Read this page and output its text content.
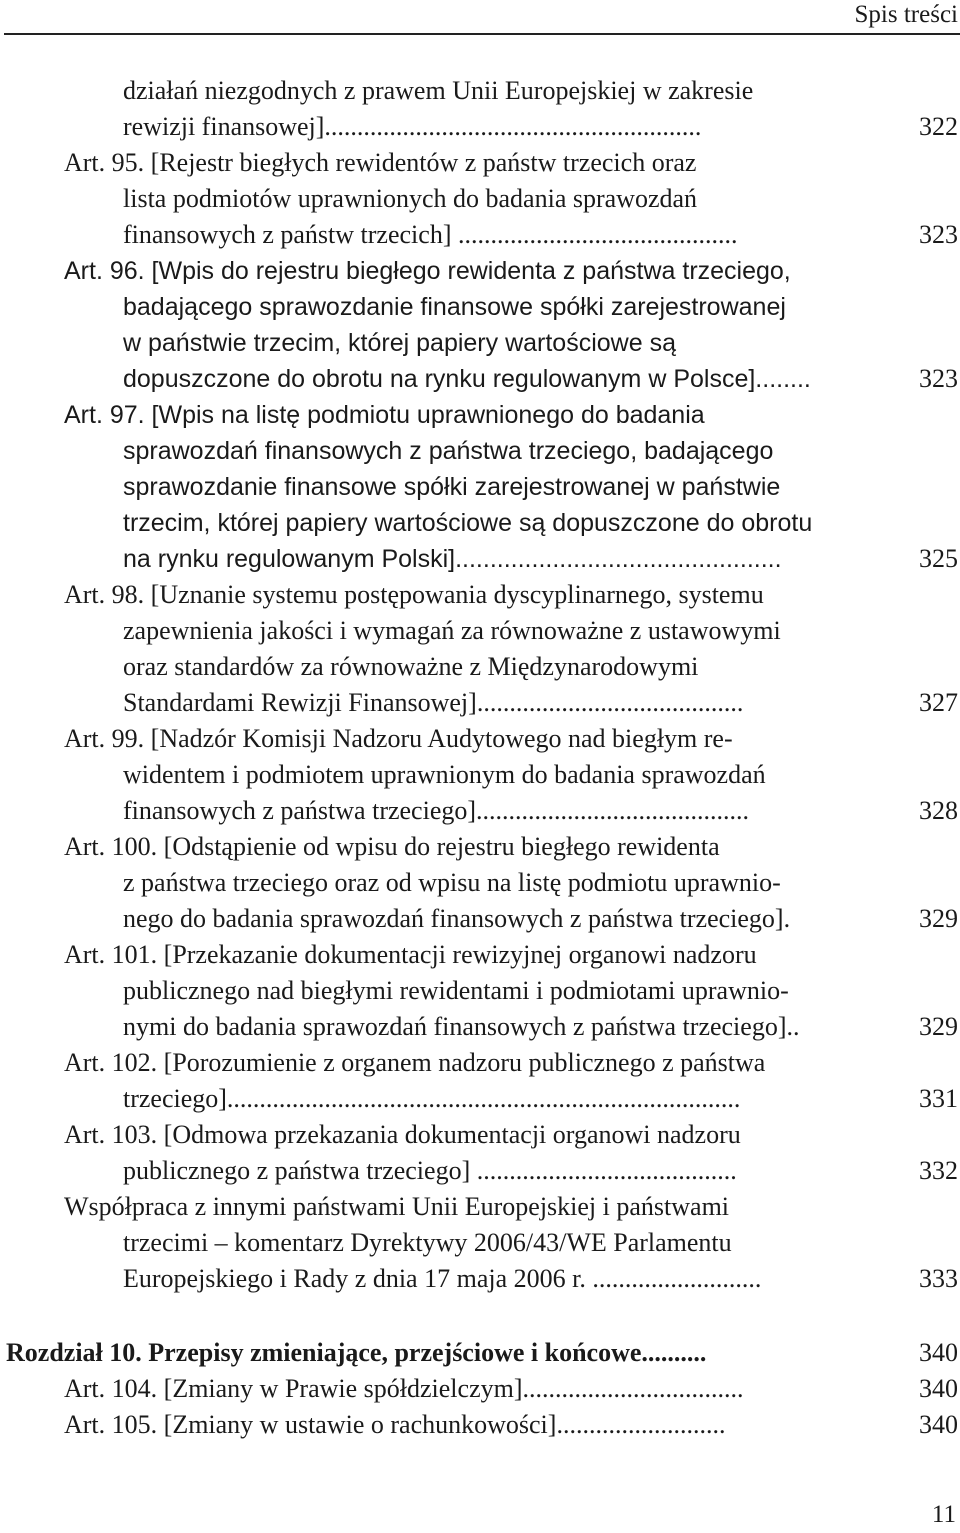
Spis treści
działań niezgodnych z prawem Unii Europejskiej w zakresie
rewizji finansowej]..........................................................	322
Art. 95. [Rejestr biegłych rewidentów z państw trzecich oraz
lista podmiotów uprawnionych do badania sprawozdań
finansowych z państw trzecich] ...........................................	323
Art. 96. [Wpis do rejestru biegłego rewidenta z państwa trzeciego,
badającego sprawozdanie finansowe spółki zarejestrowanej
w państwie trzecim, której papiery wartościowe są
dopuszczone do obrotu na rynku regulowanym w Polsce]........	323
Art. 97. [Wpis na listę podmiotu uprawnionego do badania
sprawozdań finansowych z państwa trzeciego, badającego
sprawozdanie finansowe spółki zarejestrowanej w państwie
trzecim, której papiery wartościowe są dopuszczone do obrotu
na rynku regulowanym Polski]...............................................	325
Art. 98. [Uznanie systemu postępowania dyscyplinarnego, systemu
zapewnienia jakości i wymagań za równoważne z ustawowymi
oraz standardów za równoważne z Międzynarodowymi
Standardami Rewizji Finansowej].........................................	327
Art. 99. [Nadzór Komisji Nadzoru Audytowego nad biegłym re-
widentem i podmiotem uprawnionym do badania sprawozdań
finansowych z państwa trzeciego]..........................................	328
Art. 100. [Odstąpienie od wpisu do rejestru biegłego rewidenta
z państwa trzeciego oraz od wpisu na listę podmiotu uprawnio-
nego do badania sprawozdań finansowych z państwa trzeciego].	329
Art. 101. [Przekazanie dokumentacji rewizyjnej organowi nadzoru
publicznego nad biegłymi rewidentami i podmiotami uprawnio-
nymi do badania sprawozdań finansowych z państwa trzeciego]..	329
Art. 102. [Porozumienie z organem nadzoru publicznego z państwa
trzeciego]...............................................................................	331
Art. 103. [Odmowa przekazania dokumentacji organowi nadzoru
publicznego z państwa trzeciego] ........................................	332
Współpraca z innymi państwami Unii Europejskiej i państwami
trzecimi – komentarz Dyrektywy 2006/43/WE Parlamentu
Europejskiego i Rady z dnia 17 maja 2006 r. ..........................	333
Rozdział 10. Przepisy zmieniające, przejściowe i końcowe..........	340
Art. 104. [Zmiany w Prawie spółdzielczym]..................................	340
Art. 105. [Zmiany w ustawie o rachunkowości]..........................	340
11
